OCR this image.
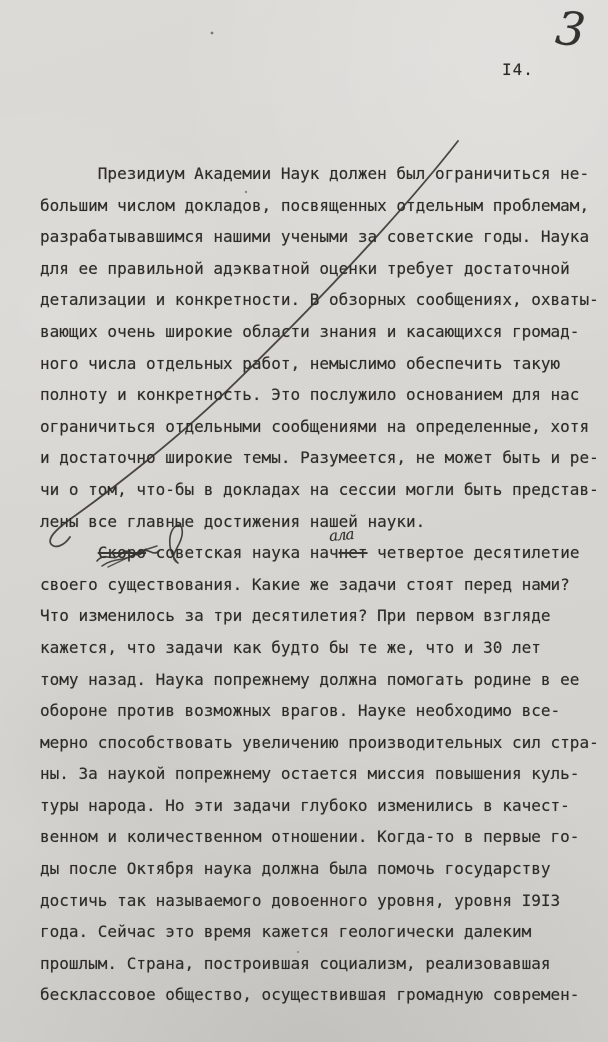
3
I4.
Президиум Академии Наук должен был ограничиться не-
большим числом докладов, посвященных отдельным проблемам,
разрабатывавшимся нашими учеными за советские годы. Наука
для ее правильной адэкватной оценки требует достаточной
детализации и конкретности. В обзорных сообщениях, охваты-
вающих очень широкие области знания и касающихся громад-
ного числа отдельных работ, немыслимо обеспечить такую
полноту и конкретность. Это послужило основанием для нас
ограничиться отдельными сообщениями на определенные, хотя
и достаточно широкие темы. Разумеется, не может быть и ре-
чи о том, что-бы в докладах на сессии могли быть представ-
лены все главные достижения нашей науки.
Скоро советская наука начнет четвертое десятилетие
своего существования. Какие же задачи стоят перед нами?
Что изменилось за три десятилетия? При первом взгляде
кажется, что задачи как будто бы те же, что и 30 лет
тому назад. Наука попрежнему должна помогать родине в ее
обороне против возможных врагов. Науке необходимо все-
мерно способствовать увеличению производительных сил стра-
ны. За наукой попрежнему остается миссия повышения куль-
туры народа. Но эти задачи глубоко изменились в качест-
венном и количественном отношении. Когда-то в первые го-
ды после Октября наука должна была помочь государству
достичь так называемого довоенного уровня, уровня I9I3
года. Сейчас это время кажется геологически далеким
прошлым. Страна, построившая социализм, реализовавшая
бесклассовое общество, осуществившая громадную современ-
ала
